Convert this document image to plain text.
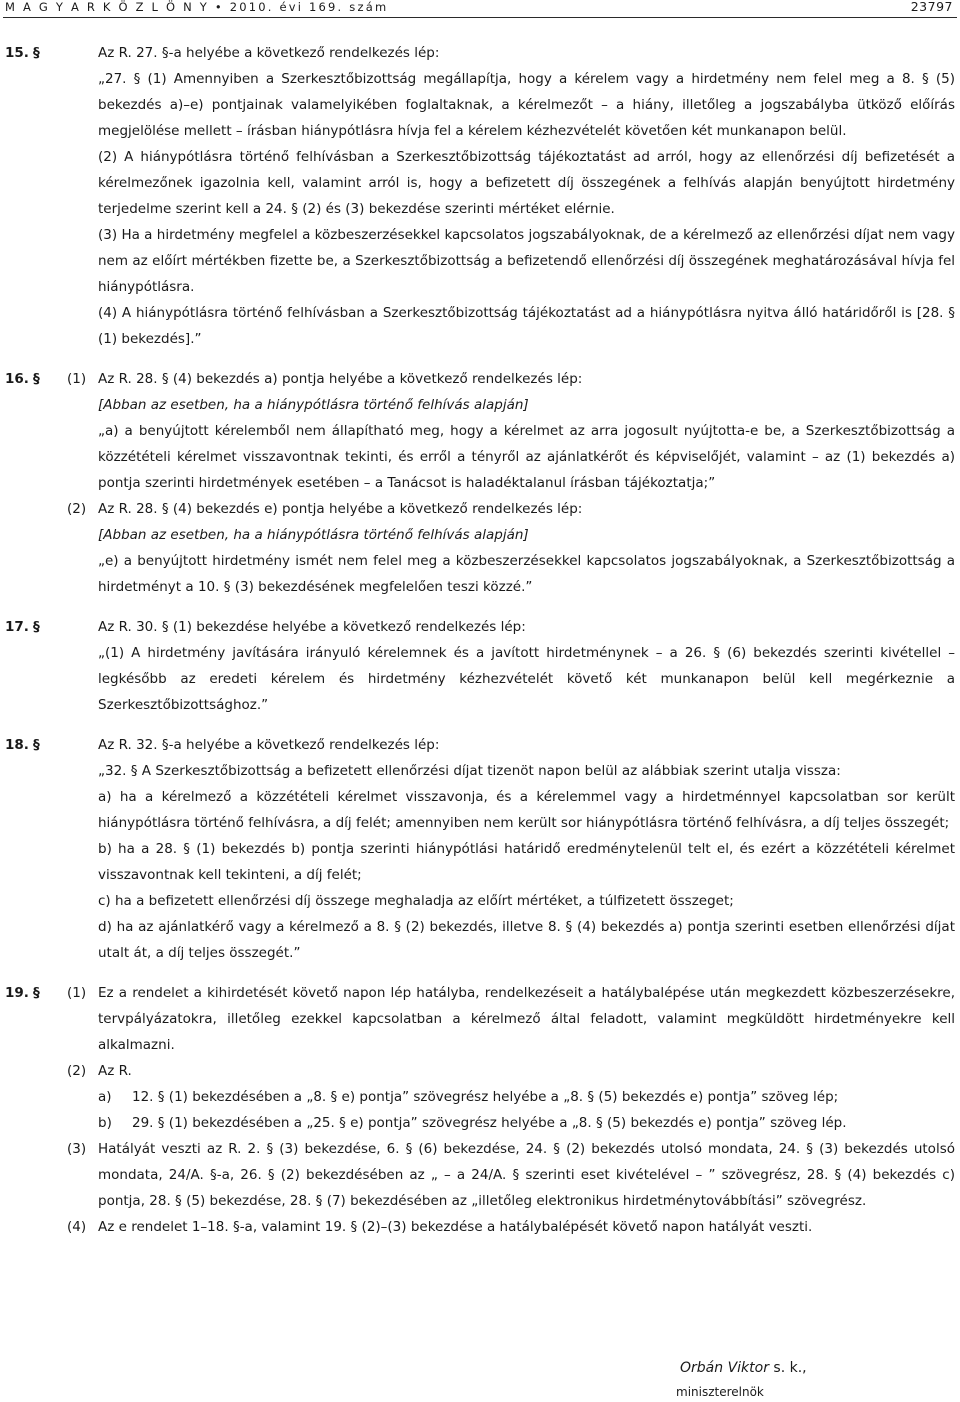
M A G Y A R K Ö Z L Ö N Y • 2010. évi 169. szám	23797
15. §	Az R. 27. §-a helyébe a következő rendelkezés lép:

„27. § (1) Amennyiben a Szerkesztőbizottság megállapítja, hogy a kérelem vagy a hirdetmény nem felel meg a 8. § (5) bekezdés a)–e) pontjainak valamelyikében foglaltaknak, a kérelmezőt – a hiány, illetőleg a jogszabályba ütköző előírás megjelölése mellett – írásban hiánypótlásra hívja fel a kérelem kézhezvételét követően két munkanapon belül.

(2) A hiánypótlásra történő felhívásban a Szerkesztőbizottság tájékoztatást ad arról, hogy az ellenőrzési díj befizetését a kérelmezőnek igazolnia kell, valamint arról is, hogy a befizetett díj összegének a felhívás alapján benyújtott hirdetmény terjedelme szerint kell a 24. § (2) és (3) bekezdése szerinti mértéket elérnie.

(3) Ha a hirdetmény megfelel a közbeszerzésekkel kapcsolatos jogszabályoknak, de a kérelmező az ellenőrzési díjat nem vagy nem az előírt mértékben fizette be, a Szerkesztőbizottság a befizetendő ellenőrzési díj összegének meghatározásával hívja fel hiánypótlásra.

(4) A hiánypótlásra történő felhívásban a Szerkesztőbizottság tájékoztatást ad a hiánypótlásra nyitva álló határidőről is [28. § (1) bekezdés].”

16. § (1) Az R. 28. § (4) bekezdés a) pontja helyébe a következő rendelkezés lép:

[Abban az esetben, ha a hiánypótlásra történő felhívás alapján]

„a) a benyújtott kérelemből nem állapítható meg, hogy a kérelmet az arra jogosult nyújtotta-e be, a Szerkesztőbizottság a közzétételi kérelmet visszavontnak tekinti, és erről a tényről az ajánlatkérőt és képviselőjét, valamint – az (1) bekezdés a) pontja szerinti hirdetmények esetében – a Tanácsot is haladéktalanul írásban tájékoztatja;”

(2) Az R. 28. § (4) bekezdés e) pontja helyébe a következő rendelkezés lép:

[Abban az esetben, ha a hiánypótlásra történő felhívás alapján]

„e) a benyújtott hirdetmény ismét nem felel meg a közbeszerzésekkel kapcsolatos jogszabályoknak, a Szerkesztőbizottság a hirdetményt a 10. § (3) bekezdésének megfelelően teszi közzé.”

17. §	Az R. 30. § (1) bekezdése helyébe a következő rendelkezés lép:

„(1) A hirdetmény javítására irányuló kérelemnek és a javított hirdetménynek – a 26. § (6) bekezdés szerinti kivétellel – legkésőbb az eredeti kérelem és hirdetmény kézhezvételét követő két munkanapon belül kell megérkeznie a Szerkesztőbizottsághoz.”

18. §	Az R. 32. §-a helyébe a következő rendelkezés lép:

„32. § A Szerkesztőbizottság a befizetett ellenőrzési díjat tizenöt napon belül az alábbiak szerint utalja vissza:

a) ha a kérelmező a közzétételi kérelmet visszavonja, és a kérelemmel vagy a hirdetménnyel kapcsolatban sor került hiánypótlásra történő felhívásra, a díj felét; amennyiben nem került sor hiánypótlásra történő felhívásra, a díj teljes összegét;

b) ha a 28. § (1) bekezdés b) pontja szerinti hiánypótlási határidő eredménytelenül telt el, és ezért a közzétételi kérelmet visszavontnak kell tekinteni, a díj felét;

c) ha a befizetett ellenőrzési díj összege meghaladja az előírt mértéket, a túlfizetett összeget;

d) ha az ajánlatkérő vagy a kérelmező a 8. § (2) bekezdés, illetve 8. § (4) bekezdés a) pontja szerinti esetben ellenőrzési díjat utalt át, a díj teljes összegét.”

19. § (1) Ez a rendelet a kihirdetését követő napon lép hatályba, rendelkezéseit a hatálybalépése után megkezdett közbeszerzésekre, tervpályázatokra, illetőleg ezekkel kapcsolatban a kérelmező által feladott, valamint megküldött hirdetményekre kell alkalmazni.

(2) Az R.

a) 12. § (1) bekezdésében a „8. § e) pontja” szövegrész helyébe a „8. § (5) bekezdés e) pontja” szöveg lép;

b) 29. § (1) bekezdésében a „25. § e) pontja” szövegrész helyébe a „8. § (5) bekezdés e) pontja” szöveg lép.

(3) Hatályát veszti az R. 2. § (3) bekezdése, 6. § (6) bekezdése, 24. § (2) bekezdés utolsó mondata, 24. § (3) bekezdés utolsó mondata, 24/A. §-a, 26. § (2) bekezdésében az „ – a 24/A. § szerinti eset kivételével – ” szövegrész, 28. § (4) bekezdés c) pontja, 28. § (5) bekezdése, 28. § (7) bekezdésében az „illetőleg elektronikus hirdetménytovábbítási” szövegrész.

(4) Az e rendelet 1–18. §-a, valamint 19. § (2)–(3) bekezdése a hatálybalépését követő napon hatályát veszti.

Orbán Viktor s. k.,
miniszterelnök
